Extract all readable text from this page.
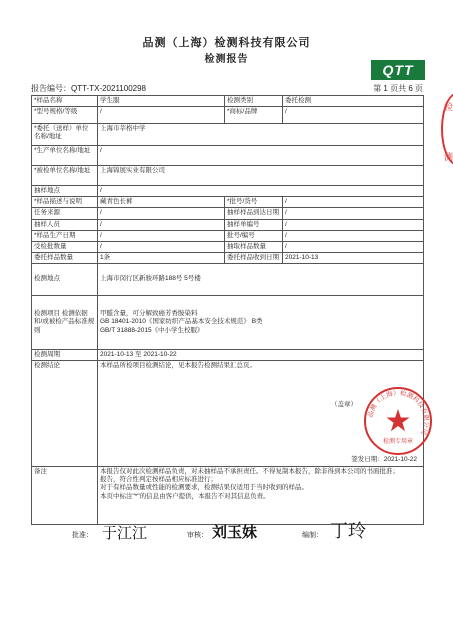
品测（上海）检测科技有限公司
检测报告
QTT
报告编号：QTT-TX-2021100298	第 1 页共 6 页
*样品名称	学生服	检测类别	委托检测
*型号规格/等级	/	*商标/品牌	/
*委托（送样）单位名称/地址	上海市莘格中学		
*生产单位名称/地址	/		
*被检单位名称/地址	上海锦展实业有限公司		
抽样地点	/		
*样品描述与说明	藏青色长裤	*批号/货号	/
任务来源	/	抽样样品到达日期	/
抽样人员	/	抽样单编号	/
*样品生产日期	/	批号/编号	/
受检批数量	/	抽取样品数量	/
委托样品数量	1条	委托样品收到日期	2021-10-13
检测地点	上海市闵行区新骏环路188号 5号楼		
检测项目 检测依据 和/或被检产品标准规则	甲醛含量，可分解致癌芳香胺染料
GB 18401-2010《国家纺织产品基本安全技术规范》 B类
GB/T 31888-2015《中小学生校服》		

检测周期	2021-10-13 至 2021-10-22		
检测结论	本样品所检项目检测结论，见本报告检测结果汇总页。
（盖章）
签发日期：2021-10-22		

备注	本报告仅对此次检测样品负责，对未抽样品不承担责任。不得复制本报告，除非得到本公司的书面批准；
报告，符合性判定按样品相应标准进行；
对于有样品数量或性能的检测要求，检测结果仅适用于当时收到的样品。
本页中标注"*"的信息由客户提供，本报告不对其信息负责。		
检
测
品测（上海）检测科技有限公司
检测专用章
批准： 于江江	审核： 刘玉妹	编制： 丁玲
